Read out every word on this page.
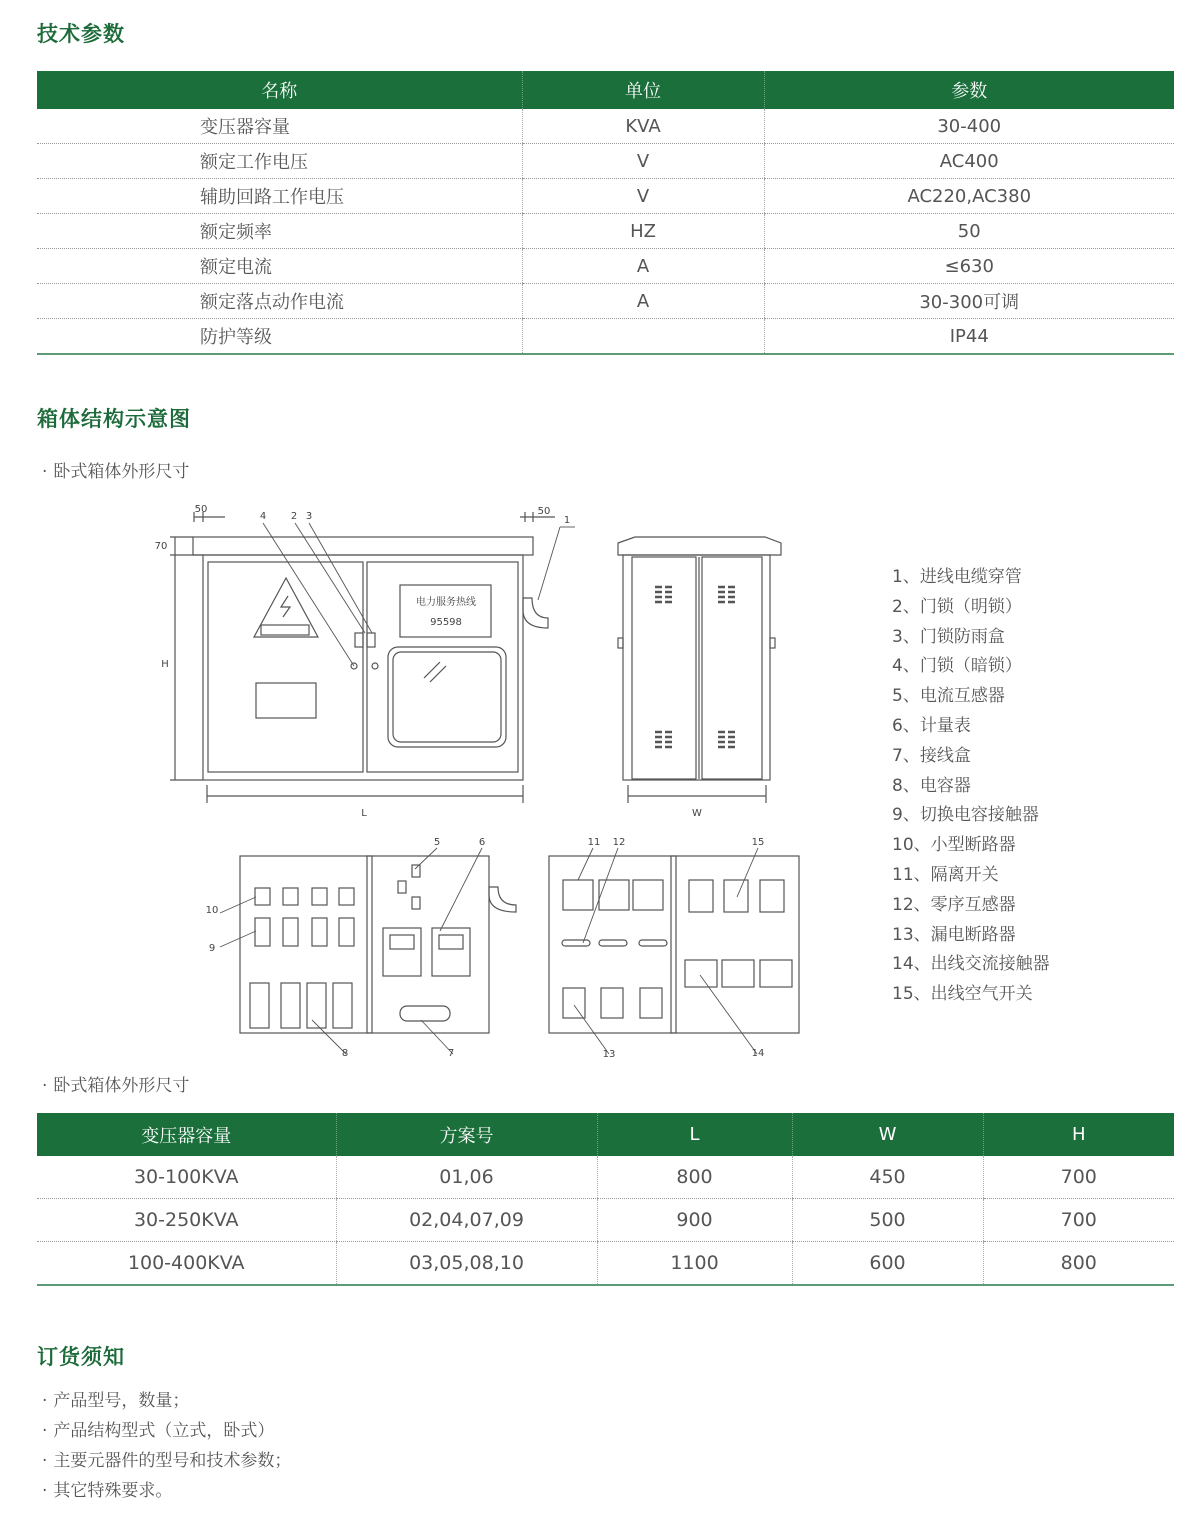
技术参数
名称	单位	参数
变压器容量	KVA	30-400
额定工作电压	V	AC400
辅助回路工作电压	V	AC220,AC380
额定频率	HZ	50
额定电流	A	≤630
额定落点动作电流	A	30-300可调
防护等级		IP44
箱体结构示意图
· 卧式箱体外形尺寸
电力服务热线
95598
50	50
70
H
L
4 2 3	1
W
5	6
10
9
8	7
11 12	15
13	14
1、进线电缆穿管
2、门锁（明锁）
3、门锁防雨盒
4、门锁（暗锁）
5、电流互感器
6、计量表
7、接线盒
8、电容器
9、切换电容接触器
10、小型断路器
11、隔离开关
12、零序互感器
13、漏电断路器
14、出线交流接触器
15、出线空气开关
· 卧式箱体外形尺寸
变压器容量	方案号	L	W	H
30-100KVA	01,06	800	450	700
30-250KVA	02,04,07,09	900	500	700
100-400KVA	03,05,08,10	1100	600	800
订货须知
· 产品型号，数量；
· 产品结构型式（立式，卧式）
· 主要元器件的型号和技术参数；
· 其它特殊要求。
